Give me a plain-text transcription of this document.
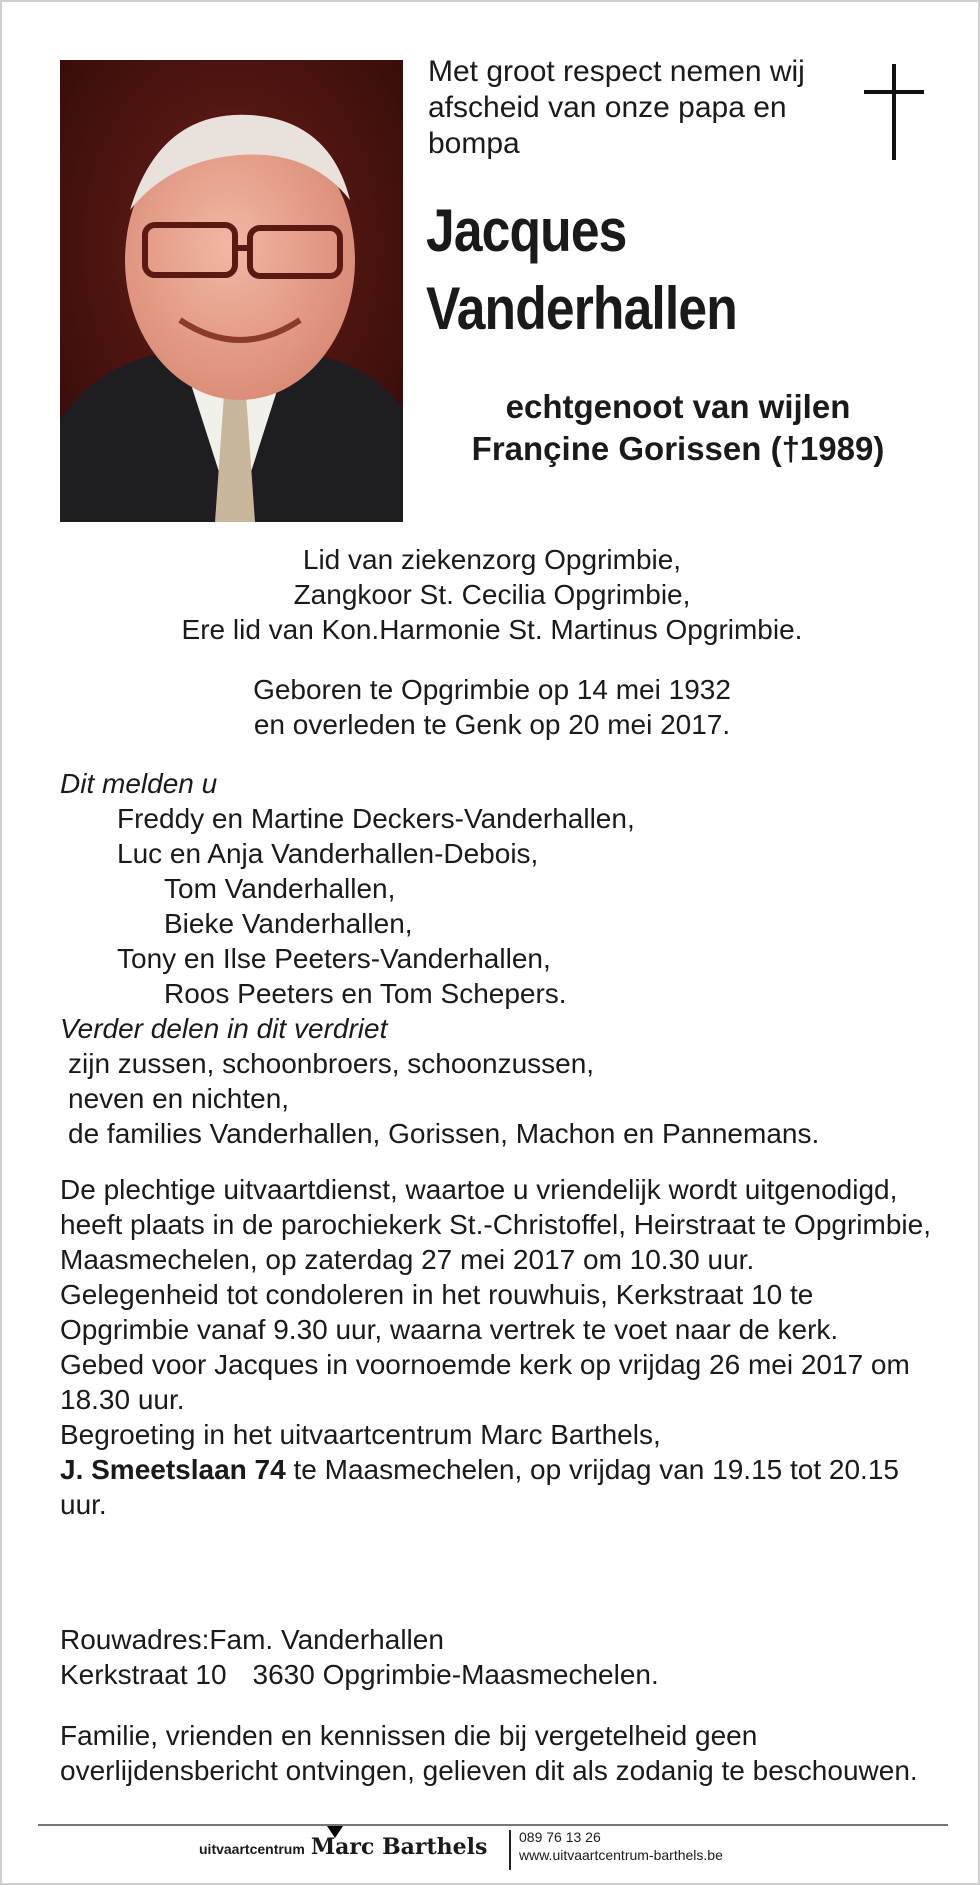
Met groot respect nemen wij
afscheid van onze papa en
bompa
Jacques
Vanderhallen
echtgenoot van wijlen
Françine Gorissen (†1989)
Lid van ziekenzorg Opgrimbie,
Zangkoor St. Cecilia Opgrimbie,
Ere lid van Kon.Harmonie St. Martinus Opgrimbie.
Geboren te Opgrimbie op 14 mei 1932
en overleden te Genk op 20 mei 2017.
Dit melden u
Freddy en Martine Deckers-Vanderhallen,
Luc en Anja Vanderhallen-Debois,
Tom Vanderhallen,
Bieke Vanderhallen,
Tony en Ilse Peeters-Vanderhallen,
Roos Peeters en Tom Schepers.
Verder delen in dit verdriet
zijn zussen, schoonbroers, schoonzussen,
neven en nichten,
de families Vanderhallen, Gorissen, Machon en Pannemans.

De plechtige uitvaartdienst, waartoe u vriendelijk wordt uitgenodigd, heeft plaats in de parochiekerk St.-Christoffel, Heirstraat te Opgrimbie, Maasmechelen, op zaterdag 27 mei 2017 om 10.30 uur.

Gelegenheid tot condoleren in het rouwhuis, Kerkstraat 10 te Opgrimbie vanaf 9.30 uur, waarna vertrek te voet naar de kerk.

Gebed voor Jacques in voornoemde kerk op vrijdag 26 mei 2017 om 18.30 uur.

Begroeting in het uitvaartcentrum Marc Barthels,
J. Smeetslaan 74 te Maasmechelen, op vrijdag van 19.15 tot 20.15 uur.

Rouwadres:Fam. Vanderhallen
Kerkstraat 10 3630 Opgrimbie-Maasmechelen.
Familie, vrienden en kennissen die bij vergetelheid geen overlijdensbericht ontvingen, gelieven dit als zodanig te beschouwen.
uitvaartcentrum Marc Barthels 089 76 13 26
www.uitvaartcentrum-barthels.be
